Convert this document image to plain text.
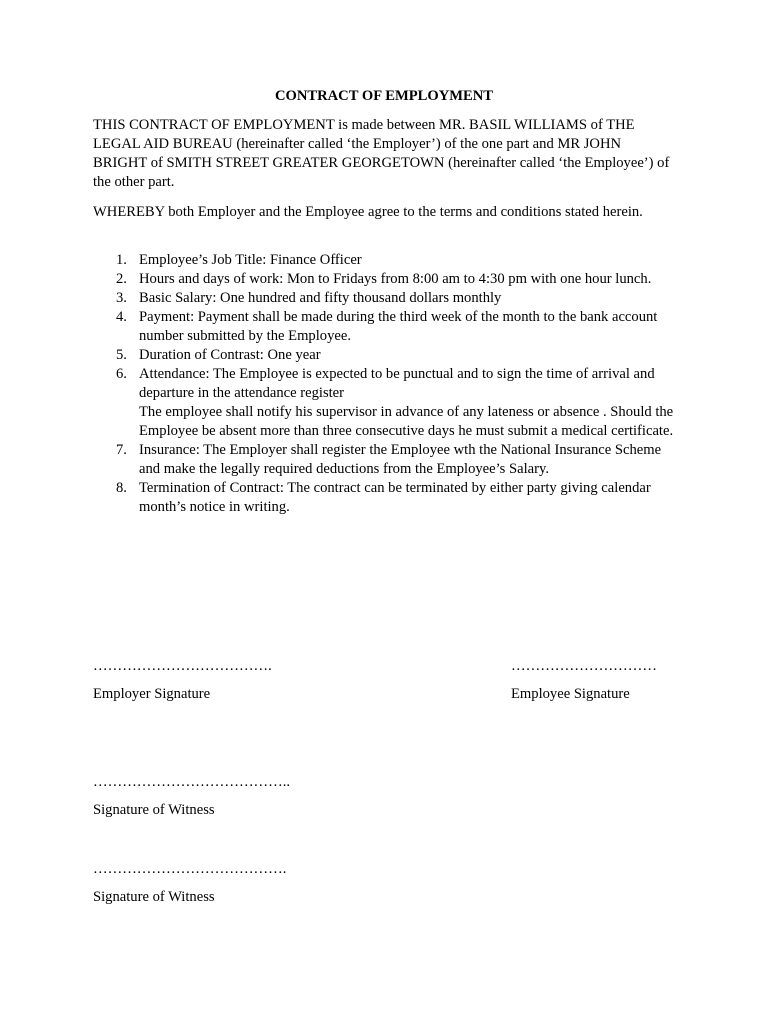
CONTRACT OF EMPLOYMENT

THIS CONTRACT OF EMPLOYMENT is made between MR. BASIL WILLIAMS of THE LEGAL AID BUREAU (hereinafter called ‘the Employer’) of the one part and MR JOHN BRIGHT of SMITH STREET GREATER GEORGETOWN (hereinafter called ‘the Employee’) of the other part.

WHEREBY both Employer and the Employee agree to the terms and conditions stated herein.

1. Employee’s Job Title: Finance Officer
2. Hours and days of work: Mon to Fridays from 8:00 am to 4:30 pm with one hour lunch.
3. Basic Salary: One hundred and fifty thousand dollars monthly
4. Payment: Payment shall be made during the third week of the month to the bank account number submitted by the Employee.
5. Duration of Contrast: One year
6. Attendance: The Employee is expected to be punctual and to sign the time of arrival and departure in the attendance register
The employee shall notify his supervisor in advance of any lateness or absence . Should the Employee be absent more than three consecutive days he must submit a medical certificate.
7. Insurance: The Employer shall register the Employee wth the National Insurance Scheme and make the legally required deductions from the Employee’s Salary.
8. Termination of Contract: The contract can be terminated by either party giving calendar month’s notice in writing.

……………………………….

Employer Signature

…………………………

Employee Signature

…………………………………..

Signature of Witness

………………………………….

Signature of Witness
